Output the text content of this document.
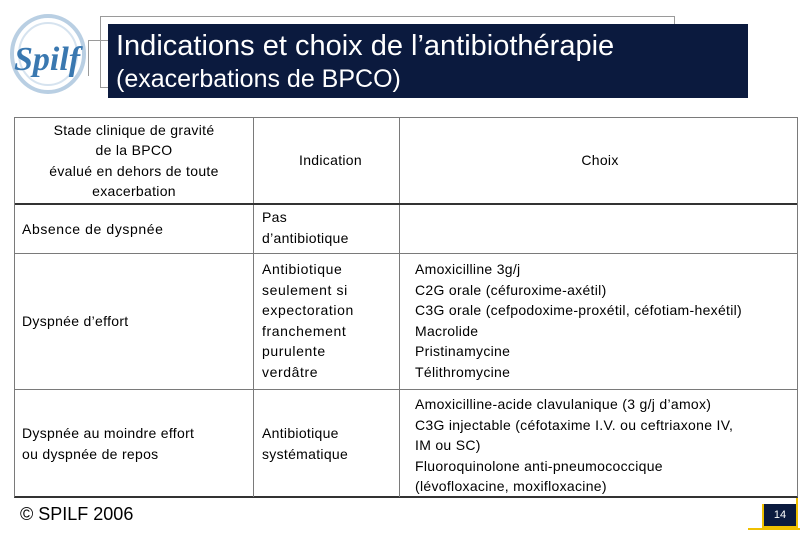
Spilf Indications et choix de l’antibiothérapie
(exacerbations de BPCO)
Stade clinique de gravité
de la BPCO
évalué en dehors de toute
exacerbation
Indication	Choix
Absence de dyspnée
Pas
d’antibiotique
Dyspnée d’effort
Antibiotique
seulement si
expectoration
franchement
purulente
verdâtre
Amoxicilline 3g/j
C2G orale (céfuroxime-axétil)
C3G orale (cefpodoxime-proxétil, céfotiam-hexétil)
Macrolide
Pristinamycine
Télithromycine
Dyspnée au moindre effort
ou dyspnée de repos
Antibiotique
systématique
Amoxicilline-acide clavulanique (3 g/j d’amox)
C3G injectable (céfotaxime I.V. ou ceftriaxone IV,
IM ou SC)
Fluoroquinolone anti-pneumococcique
(lévofloxacine, moxifloxacine)
© SPILF 2006	14
